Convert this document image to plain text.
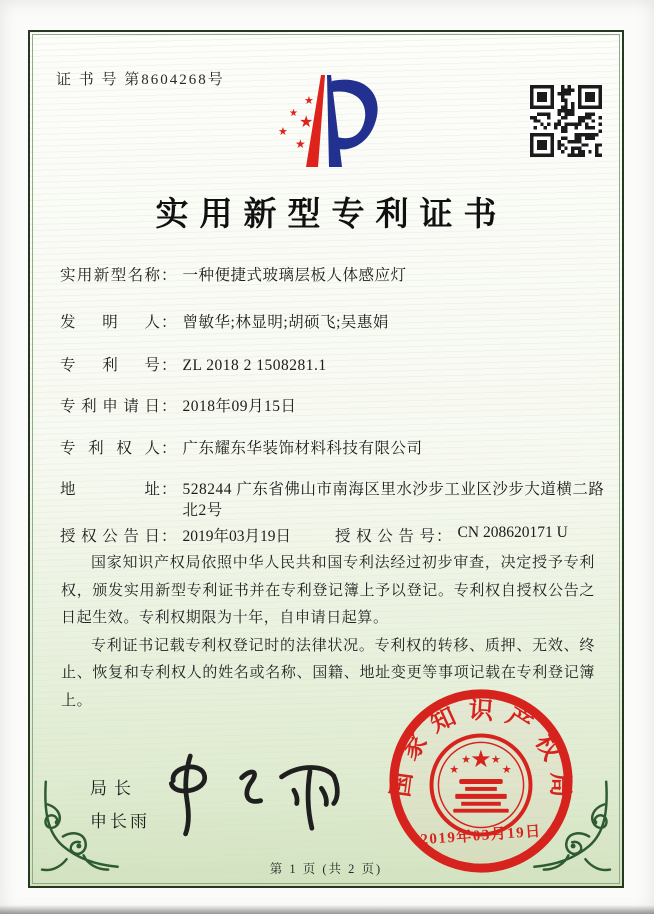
证 书 号 第8604268号
★
★
★
★
★
实用新型专利证书
实用新型名称 ： 一种便捷式玻璃层板人体感应灯
发明人 ： 曾敏华;林显明;胡硕飞;吴惠娟
专利号 ： ZL 2018 2 1508281.1
专利申请日 ： 2018年09月15日
专利权人 ： 广东耀东华装饰材料科技有限公司
地址 ： 528244 广东省佛山市南海区里水沙步工业区沙步大道横二路北2号
授权公告日 ： 2019年03月19日	授权公告号 ： CN 208620171 U

国家知识产权局依照中华人民共和国专利法经过初步审查，决定授予专利权，颁发实用新型专利证书并在专利登记簿上予以登记。专利权自授权公告之日起生效。专利权期限为十年，自申请日起算。

专利证书记载专利权登记时的法律状况。专利权的转移、质押、无效、终止、恢复和专利权人的姓名或名称、国籍、地址变更等事项记载在专利登记簿上。

局长
申长雨
国家知识产权局
★
★
★ ★
★
2019年03月19日
第 1 页 (共 2 页)
